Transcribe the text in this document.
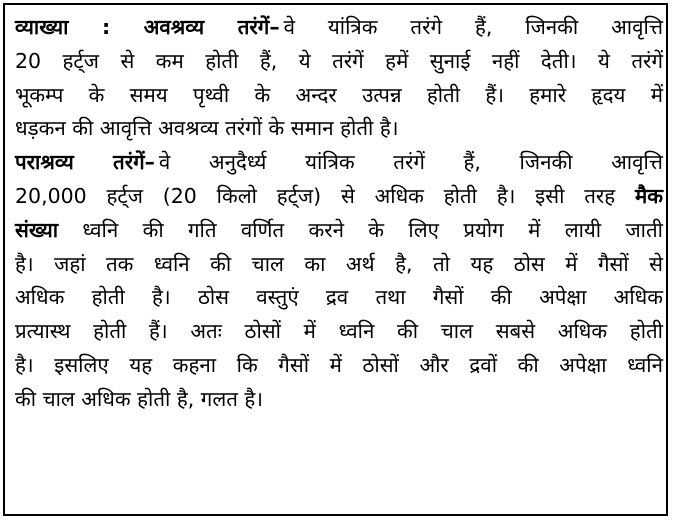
व्याख्या : अवश्रव्य तरंगें– वे यांत्रिक तरंगे हैं, जिनकी आवृत्ति
20 हर्ट्ज से कम होती हैं, ये तरंगें हमें सुनाई नहीं देती। ये तरंगें
भूकम्प के समय पृथ्वी के अन्दर उत्पन्न होती हैं। हमारे हृदय में
धड़कन की आवृत्ति अवश्रव्य तरंगों के समान होती है।
पराश्रव्य तरंगें– वे अनुदैर्ध्य यांत्रिक तरंगें हैं, जिनकी आवृत्ति
20,000 हर्ट्ज (20 किलो हर्ट्ज) से अधिक होती है। इसी तरह मैक
संख्या ध्वनि की गति वर्णित करने के लिए प्रयोग में लायी जाती
है। जहां तक ध्वनि की चाल का अर्थ है, तो यह ठोस में गैसों से
अधिक होती है। ठोस वस्तुएं द्रव तथा गैसों की अपेक्षा अधिक
प्रत्यास्थ होती हैं। अतः ठोसों में ध्वनि की चाल सबसे अधिक होती
है। इसलिए यह कहना कि गैसों में ठोसों और द्रवों की अपेक्षा ध्वनि
की चाल अधिक होती है, गलत है।
